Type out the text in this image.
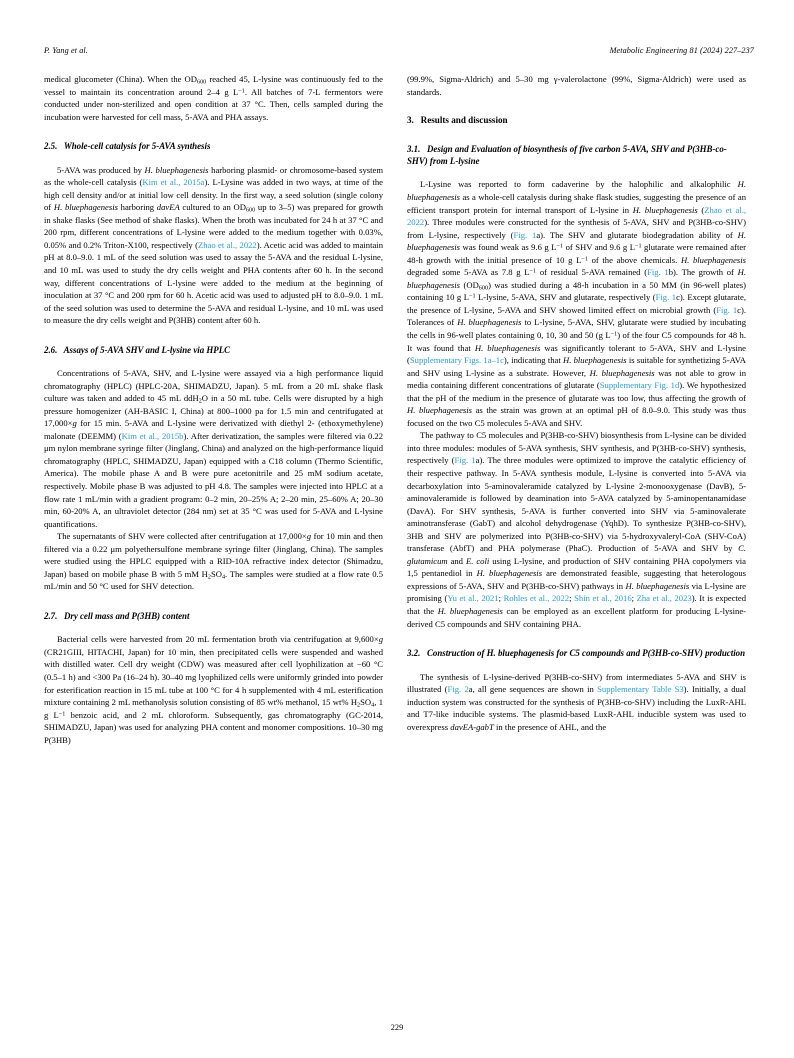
P. Yang et al.	Metabolic Engineering 81 (2024) 227–237

medical glucometer (China). When the $OD_{600}$ reached 45, L-lysine was continuously fed to the vessel to maintain its concentration around 2–4 g $L^{-1}$. All batches of 7-L fermentors were conducted under non-sterilized and open condition at 37 °C. Then, cells sampled during the incubation were harvested for cell mass, 5-AVA and PHA assays.

2.5. Whole-cell catalysis for 5-AVA synthesis

5-AVA was produced by H. bluephagenesis harboring plasmid- or chromosome-based system as the whole-cell catalysis (Kim et al., 2015a). L-Lysine was added in two ways, at time of the high cell density and/or at initial low cell density. In the first way, a seed solution (single colony of H. bluephagenesis harboring davEA cultured to an $OD_{600}$ up to 3–5) was prepared for growth in shake flasks (See method of shake flasks). When the broth was incubated for 24 h at 37 °C and 200 rpm, different concentrations of L-lysine were added to the medium together with 0.03%, 0.05% and 0.2% Triton-X100, respectively (Zhao et al., 2022). Acetic acid was added to maintain pH at 8.0–9.0. 1 mL of the seed solution was used to assay the 5-AVA and the residual L-lysine, and 10 mL was used to study the dry cells weight and PHA contents after 60 h. In the second way, different concentrations of L-lysine were added to the medium at the beginning of inoculation at 37 °C and 200 rpm for 60 h. Acetic acid was used to adjusted pH to 8.0–9.0. 1 mL of the seed solution was used to determine the 5-AVA and residual L-lysine, and 10 mL was used to measure the dry cells weight and P(3HB) content after 60 h.

2.6. Assays of 5-AVA SHV and L-lysine via HPLC

Concentrations of 5-AVA, SHV, and L-lysine were assayed via a high performance liquid chromatography (HPLC) (HPLC-20A, SHIMADZU, Japan). 5 mL from a 20 mL shake flask culture was taken and added to 45 mL ddH$_2$O in a 50 mL tube. Cells were disrupted by a high pressure homogenizer (AH-BASIC I, China) at 800–1000 pa for 1.5 min and centrifugated at 17,000×g for 15 min. 5-AVA and L-lysine were derivatized with diethyl 2- (ethoxymethylene) malonate (DEEMM) (Kim et al., 2015b). After derivatization, the samples were filtered via 0.22 μm nylon membrane syringe filter (Jinglang, China) and analyzed on the high-performance liquid chromatography (HPLC, SHIMADZU, Japan) equipped with a C18 column (Thermo Scientific, America). The mobile phase A and B were pure acetonitrile and 25 mM sodium acetate, respectively. Mobile phase B was adjusted to pH 4.8. The samples were injected into HPLC at a flow rate 1 mL/min with a gradient program: 0–2 min, 20–25% A; 2–20 min, 25–60% A; 20–30 min, 60-20% A, an ultraviolet detector (284 nm) set at 35 °C was used for 5-AVA and L-lysine quantifications.

The supernatants of SHV were collected after centrifugation at 17,000×g for 10 min and then filtered via a 0.22 μm polyethersulfone membrane syringe filter (Jinglang, China). The samples were studied using the HPLC equipped with a RID-10A refractive index detector (Shimadzu, Japan) based on mobile phase B with 5 mM $H_2SO_4$. The samples were studied at a flow rate 0.5 mL/min and 50 °C used for SHV detection.

2.7. Dry cell mass and P(3HB) content

Bacterial cells were harvested from 20 mL fermentation broth via centrifugation at 9,600×g (CR21GIII, HITACHI, Japan) for 10 min, then precipitated cells were suspended and washed with distilled water. Cell dry weight (CDW) was measured after cell lyophilization at −60 °C (0.5–1 h) and <300 Pa (16–24 h). 30–40 mg lyophilized cells were uniformly grinded into powder for esterification reaction in 15 mL tube at 100 °C for 4 h supplemented with 4 mL esterification mixture containing 2 mL methanolysis solution consisting of 85 wt% methanol, 15 wt% $H_2SO_4$, 1 g $L^{-1}$ benzoic acid, and 2 mL chloroform. Subsequently, gas chromatography (GC-2014, SHIMADZU, Japan) was used for analyzing PHA content and monomer compositions. 10–30 mg P(3HB)

(99.9%, Sigma-Aldrich) and 5–30 mg γ-valerolactone (99%, Sigma-Aldrich) were used as standards.

3. Results and discussion
3.1. Design and Evaluation of biosynthesis of five carbon 5-AVA, SHV and P(3HB-co-SHV) from L-lysine

L-Lysine was reported to form cadaverine by the halophilic and alkalophilic H. bluephagenesis as a whole-cell catalysis during shake flask studies, suggesting the presence of an efficient transport protein for internal transport of L-lysine in H. bluephagenesis (Zhao et al., 2022). Three modules were constructed for the synthesis of 5-AVA, SHV and P(3HB-co-SHV) from L-lysine, respectively (Fig. 1a). The SHV and glutarate biodegradation ability of H. bluephagenesis was found weak as 9.6 g $L^{-1}$ of SHV and 9.6 g $L^{-1}$ glutarate were remained after 48-h growth with the initial presence of 10 g $L^{-1}$ of the above chemicals. H. bluephagenesis degraded some 5-AVA as 7.8 g $L^{-1}$ of residual 5-AVA remained (Fig. 1b). The growth of H. bluephagenesis $(OD_{600})$ was studied during a 48-h incubation in a 50 MM (in 96-well plates) containing 10 g $L^{-1}$ L-lysine, 5-AVA, SHV and glutarate, respectively (Fig. 1c). Except glutarate, the presence of L-lysine, 5-AVA and SHV showed limited effect on microbial growth (Fig. 1c). Tolerances of H. bluephagenesis to L-lysine, 5-AVA, SHV, glutarate were studied by incubating the cells in 96-well plates containing 0, 10, 30 and 50 (g $L^{-1}$) of the four C5 compounds for 48 h. It was found that H. bluephagenesis was significantly tolerant to 5-AVA, SHV and L-lysine (Supplementary Figs. 1a–1c), indicating that H. bluephagenesis is suitable for synthetizing 5-AVA and SHV using L-lysine as a substrate. However, H. bluephagenesis was not able to grow in media containing different concentrations of glutarate (Supplementary Fig. 1d). We hypothesized that the pH of the medium in the presence of glutarate was too low, thus affecting the growth of H. bluephagenesis as the strain was grown at an optimal pH of 8.0–9.0. This study was thus focused on the two C5 molecules 5-AVA and SHV.

The pathway to C5 molecules and P(3HB-co-SHV) biosynthesis from L-lysine can be divided into three modules: modules of 5-AVA synthesis, SHV synthesis, and P(3HB-co-SHV) synthesis, respectively (Fig. 1a). The three modules were optimized to improve the catalytic efficiency of their respective pathway. In 5-AVA synthesis module, L-lysine is converted into 5-AVA via decarboxylation into 5-aminovaleramide catalyzed by L-lysine 2-monooxygenase (DavB), 5-aminovaleramide is followed by deamination into 5-AVA catalyzed by 5-aminopentanamidase (DavA). For SHV synthesis, 5-AVA is further converted into SHV via 5-aminovalerate aminotransferase (GabT) and alcohol dehydrogenase (YqhD). To synthesize P(3HB-co-SHV), 3HB and SHV are polymerized into P(3HB-co-SHV) via 5-hydroxyvaleryl-CoA (SHV-CoA) transferase (AbfT) and PHA polymerase (PhaC). Production of 5-AVA and SHV by C. glutamicum and E. coli using L-lysine, and production of SHV containing PHA copolymers via 1,5 pentanediol in H. bluephagenesis are demonstrated feasible, suggesting that heterologous expressions of 5-AVA, SHV and P(3HB-co-SHV) pathways in H. bluephagenesis via L-lysine are promising (Yu et al., 2021; Rohles et al., 2022; Shin et al., 2016; Zha et al., 2023). It is expected that the H. bluephagenesis can be employed as an excellent platform for producing L-lysine-derived C5 compounds and SHV containing PHA.

3.2. Construction of H. bluephagenesis for C5 compounds and P(3HB-co-SHV) production

The synthesis of L-lysine-derived P(3HB-co-SHV) from intermediates 5-AVA and SHV is illustrated (Fig. 2a, all gene sequences are shown in Supplementary Table S3). Initially, a dual induction system was constructed for the synthesis of P(3HB-co-SHV) including the LuxR-AHL and T7-like inducible systems. The plasmid-based LuxR-AHL inducible system was used to overexpress davEA-gabT in the presence of AHL, and the

229
